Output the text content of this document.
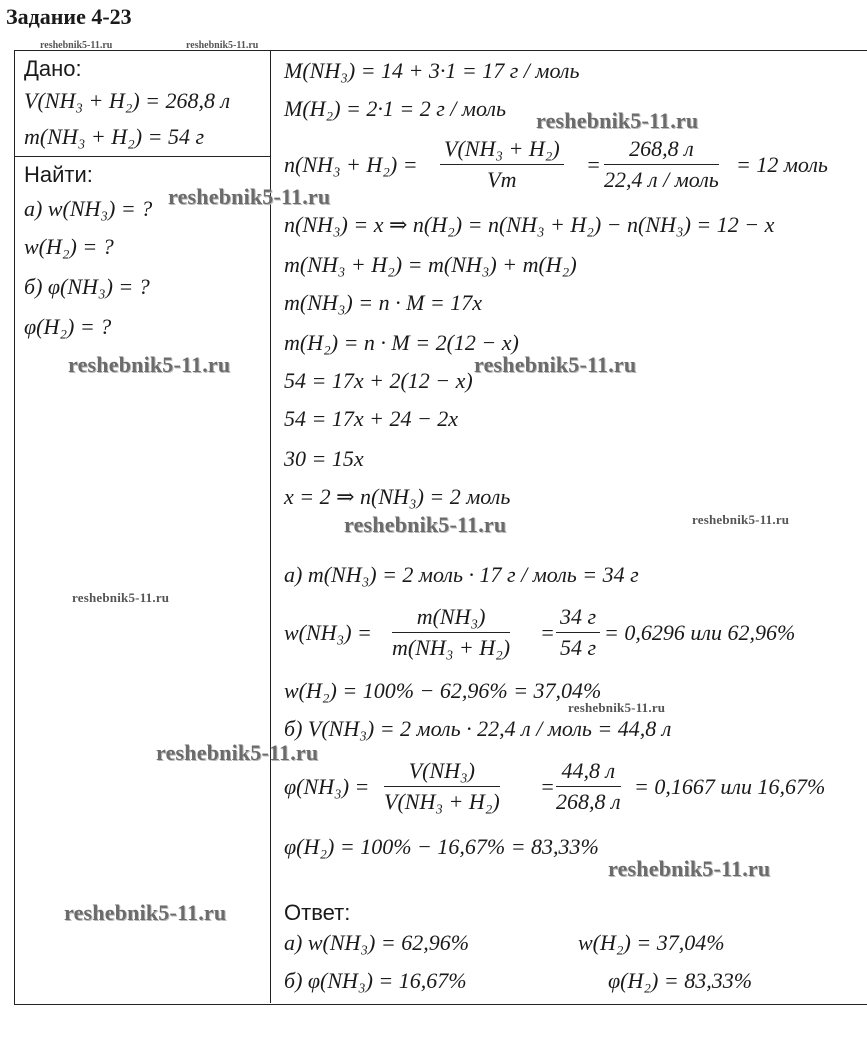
Задание 4-23
reshebnik5-11.ru	reshebnik5-11.ru
Дано:
V(NH₃ + H₂) = 268,8 л
m(NH₃ + H₂) = 54 г
Найти:
а) w(NH₃) = ?
w(H₂) = ?
б) φ(NH₃) = ?
φ(H₂) = ?
M(NH₃) = 14 + 3·1 = 17 г / моль
M(H₂) = 2·1 = 2 г / моль
$n(NH_3 + H_2) = \frac{\text{V(NH₃ + H₂)}}{Vm}$ =
268,8 л
22,4 л / моль
= 12 моль
n(NH₃) = x ⇒ n(H₂) = n(NH₃ + H₂) − n(NH₃) = 12 − x
m(NH₃ + H₂) = m(NH₃) + m(H₂)
m(NH₃) = n · M = 17x
m(H₂) = n · M = 2(12 − x)
54 = 17x + 2(12 − x)
54 = 17x + 24 − 2x
30 = 15x
x = 2 ⇒ n(NH₃) = 2 моль
а) m(NH₃) = 2 моль · 17 г / моль = 34 г
$w(NH_3) = \frac{\text{m(NH₃)}}{\text{m(NH₃ + H₂)}}$ =
34 г
54 г
= 0,6296 или 62,96%
w(H₂) = 100% − 62,96% = 37,04%
б) V(NH₃) = 2 моль · 22,4 л / моль = 44,8 л
$\varphi(NH_3) = \frac{\text{V(NH₃)}}{\text{V(NH₃ + H₂)}}$ =
44,8 л
268,8 л
= 0,1667 или 16,67%
φ(H₂) = 100% − 16,67% = 83,33%
Ответ:
а) w(NH₃) = 62,96%	w(H₂) = 37,04%
б) φ(NH₃) = 16,67%	φ(H₂) = 83,33%
reshebnik5-11.ru
reshebnik5-11.ru
reshebnik5-11.ru	reshebnik5-11.ru
reshebnik5-11.ru	reshebnik5-11.ru
reshebnik5-11.ru
reshebnik5-11.ru
reshebnik5-11.ru
reshebnik5-11.ru
reshebnik5-11.ru
